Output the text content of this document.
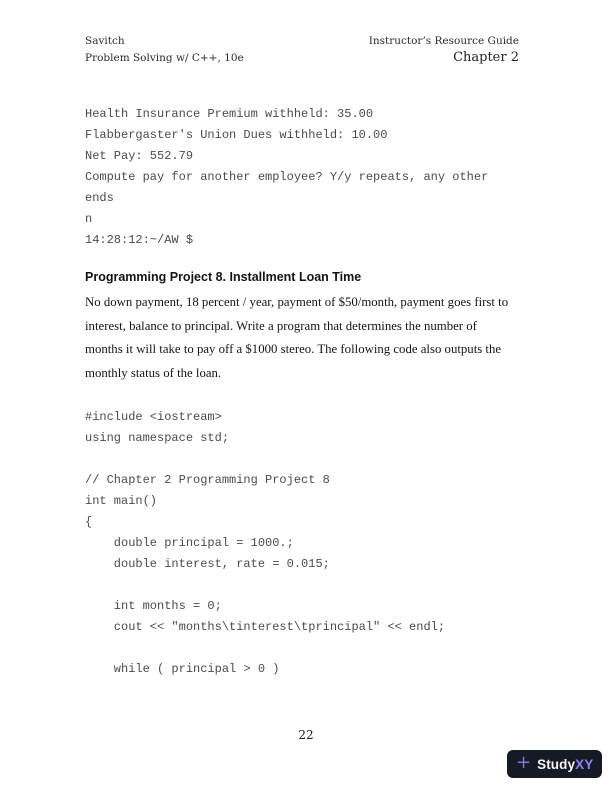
Savitch
Problem Solving w/ C++, 10e
Instructor’s Resource Guide
Chapter 2
Health Insurance Premium withheld: 35.00
Flabbergaster's Union Dues withheld: 10.00
Net Pay: 552.79
Compute pay for another employee? Y/y repeats, any other
ends
n
14:28:12:~/AW $
Programming Project 8. Installment Loan Time
No down payment, 18 percent / year, payment of $50/month, payment goes first to
interest, balance to principal. Write a program that determines the number of
months it will take to pay off a $1000 stereo. The following code also outputs the
monthly status of the loan.
#include <iostream>
using namespace std;
// Chapter 2 Programming Project 8
int main()
{
double principal = 1000.;
double interest, rate = 0.015;
int months = 0;
cout << "months\tinterest\tprincipal" << endl;
while ( principal > 0 )
22
+ StudyXY
